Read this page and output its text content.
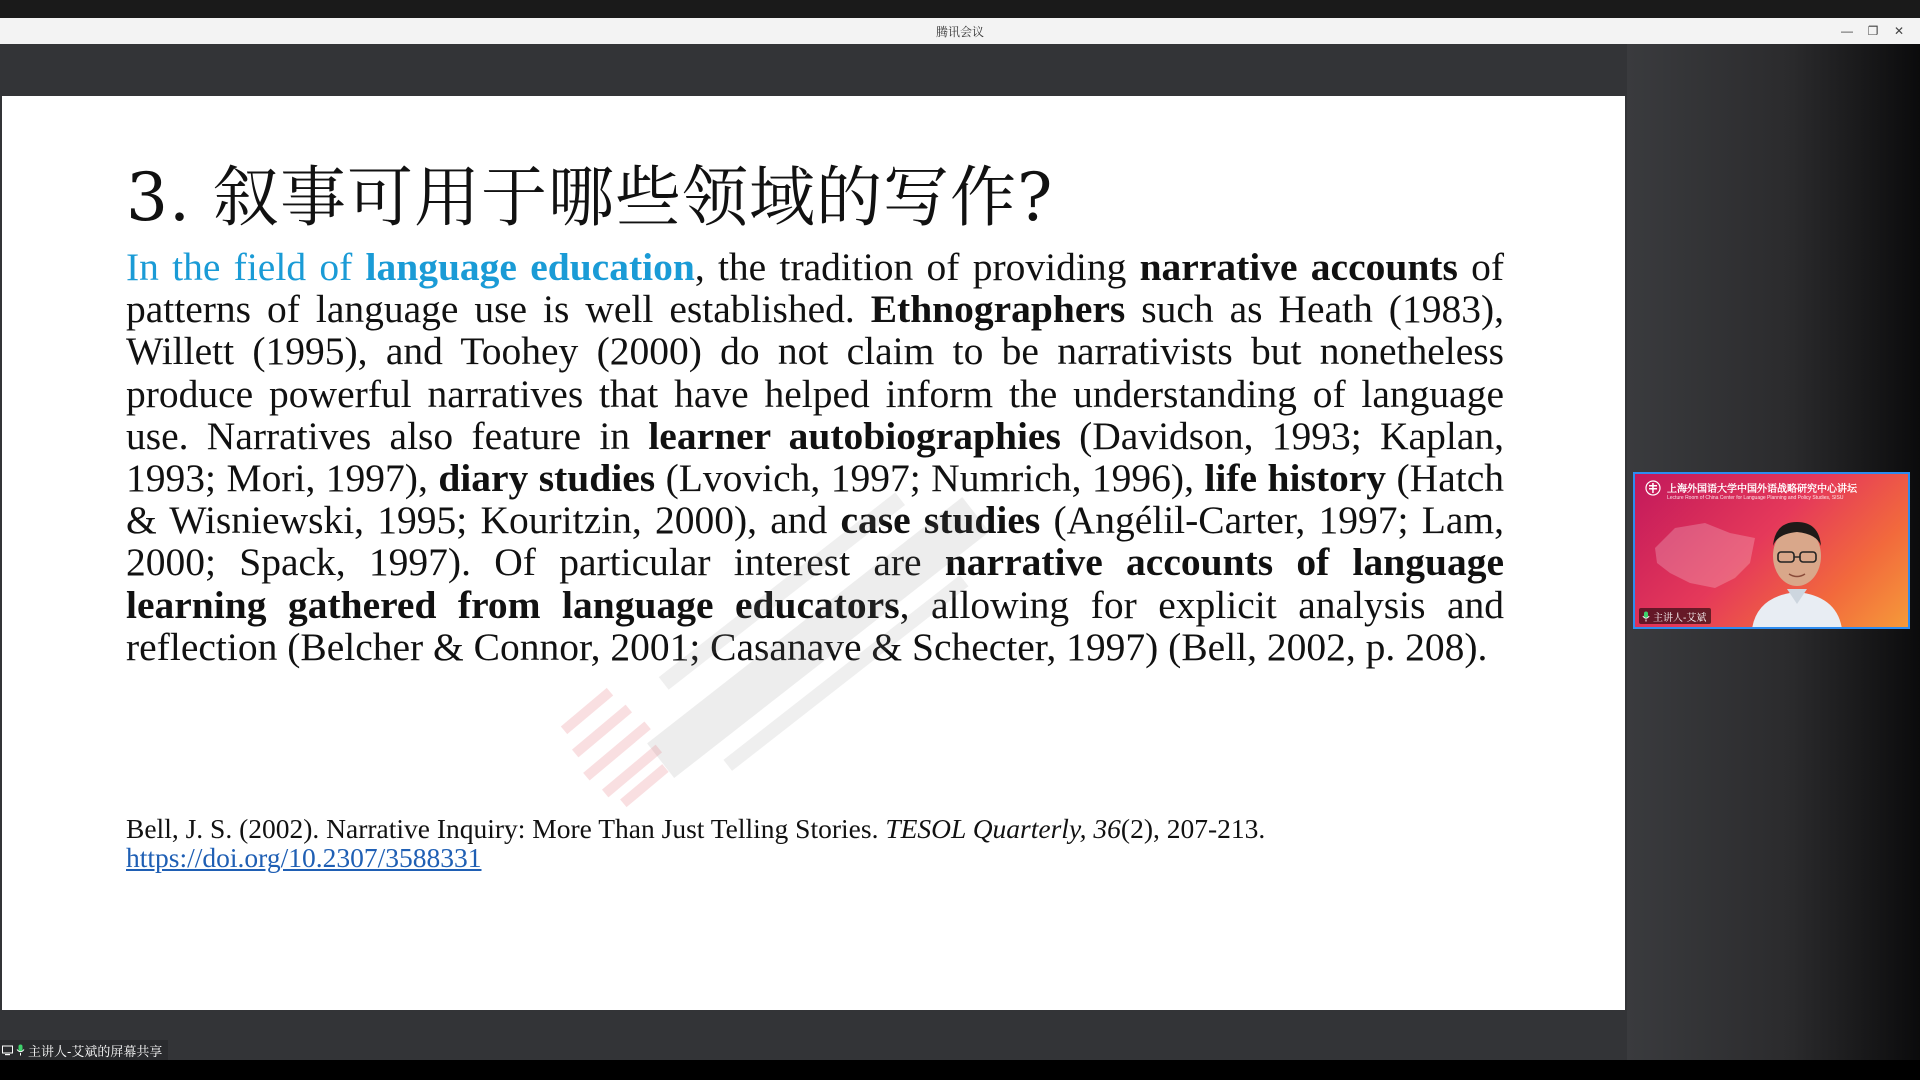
腾讯会议	— ❐ ✕
3. 叙事可用于哪些领域的写作?
In the field of language education, the tradition of providing narrative accounts of patterns of language use is well established. Ethnographers such as Heath (1983), Willett (1995), and Toohey (2000) do not claim to be narrativists but nonetheless produce powerful narratives that have helped inform the understanding of language use. Narratives also feature in learner autobiographies (Davidson, 1993; Kaplan, 1993; Mori, 1997), diary studies (Lvovich, 1997; Numrich, 1996), life history (Hatch & Wisniewski, 1995; Kouritzin, 2000), and case studies (Angélil-Carter, 1997; Lam, 2000; Spack, 1997). Of particular interest are narrative accounts of language learning gathered from language educators, allowing for explicit analysis and reflection (Belcher & Connor, 2001; Casanave & Schecter, 1997) (Bell, 2002, p. 208).
Bell, J. S. (2002). Narrative Inquiry: More Than Just Telling Stories. TESOL Quarterly, 36(2), 207-213.
https://doi.org/10.2307/3588331
主讲人-艾斌的屏幕共享
上海外国语大学中国外语战略研究中心讲坛
Lecture Room of China Center for Language Planning and Policy Studies, SISU
主讲人-艾斌
